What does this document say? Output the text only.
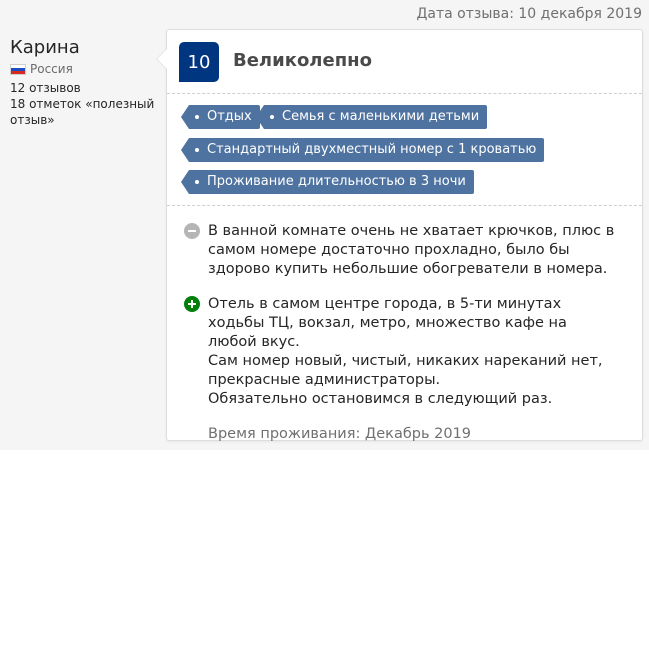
Дата отзыва: 10 декабря 2019
Карина
Россия
12 отзывов
18 отметок «полезный отзыв»
10	Великолепно
Отдых	Семья с маленькими детьми
Стандартный двухместный номер с 1 кроватью
Проживание длительностью в 3 ночи
В ванной комнате очень не хватает крючков, плюс в самом номере достаточно прохладно, было бы здорово купить небольшие обогреватели в номера.
Отель в самом центре города, в 5-ти минутах ходьбы ТЦ, вокзал, метро, множество кафе на любой вкус.
Сам номер новый, чистый, никаких нареканий нет, прекрасные администраторы.
Обязательно остановимся в следующий раз.
Время проживания: Декабрь 2019
